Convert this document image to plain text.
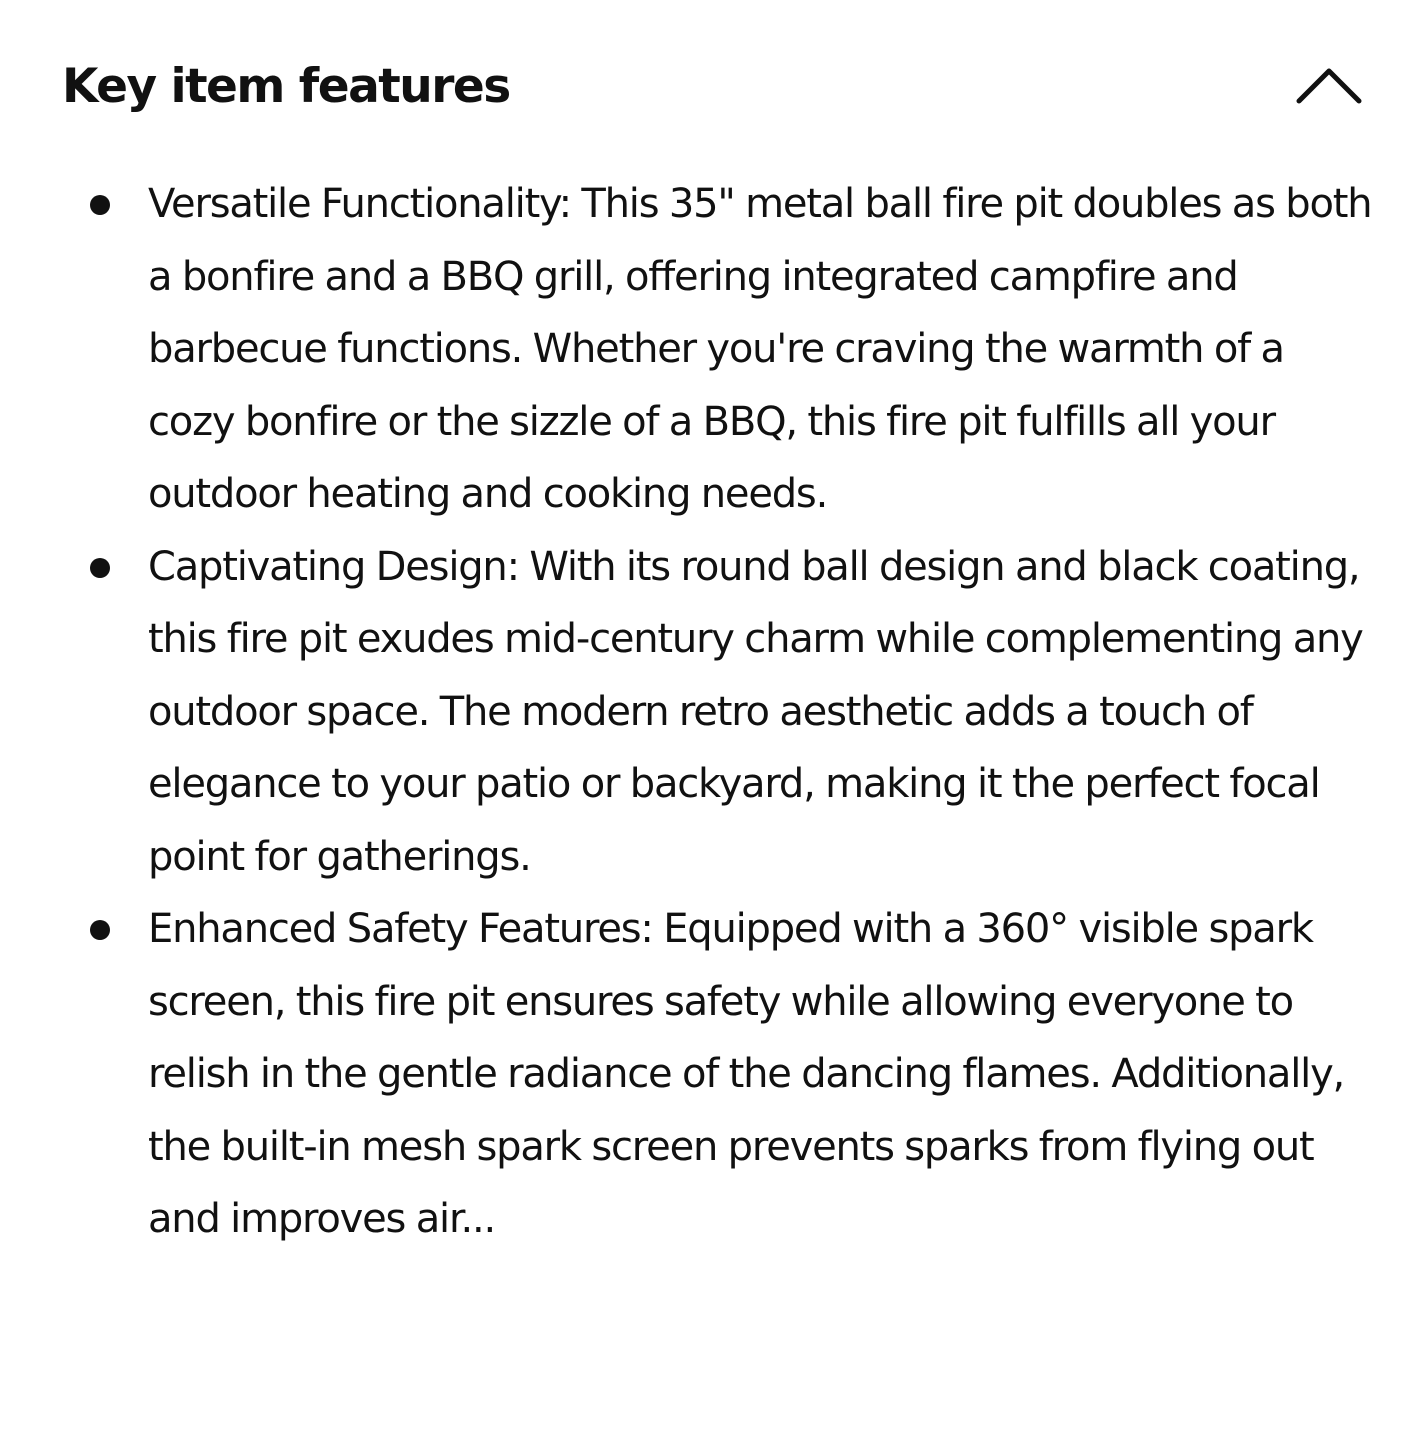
Key item features
Versatile Functionality: This 35" metal ball fire pit doubles as both a bonfire and a BBQ grill, offering integrated campfire and barbecue functions. Whether you're craving the warmth of a cozy bonfire or the sizzle of a BBQ, this fire pit fulfills all your outdoor heating and cooking needs.
Captivating Design: With its round ball design and black coating, this fire pit exudes mid-century charm while complementing any outdoor space. The modern retro aesthetic adds a touch of elegance to your patio or backyard, making it the perfect focal point for gatherings.
Enhanced Safety Features: Equipped with a 360° visible spark screen, this fire pit ensures safety while allowing everyone to relish in the gentle radiance of the dancing flames. Additionally, the built-in mesh spark screen prevents sparks from flying out and improves air...
